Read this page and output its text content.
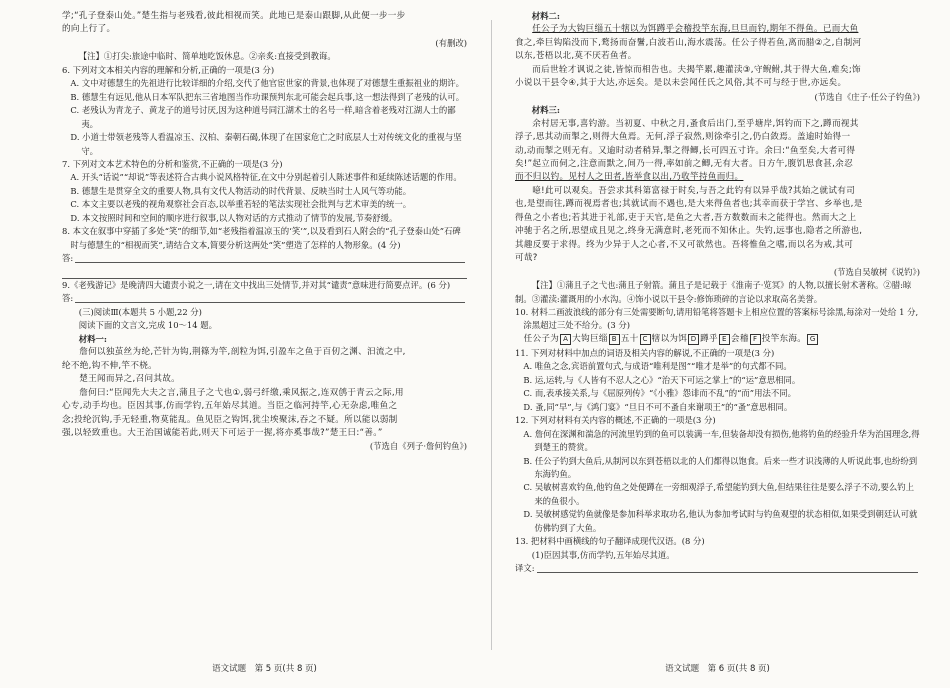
学;“孔子登泰山处。”楚生指与老残看,彼此相视而笑。此地已是泰山跟脚,从此便一步一步

的向上行了。

(有删改)

【注】①打尖:旅途中临时、简单地吃饭休息。②亲炙:直接受到教诲。

6. 下列对文本相关内容的理解和分析,正确的一项是(3 分)

A. 文中对德慧生的先祖进行比较详细的介绍,交代了他官宦世家的背景,也体现了对德慧生重振祖业的期许。

B. 德慧生有远见,他从日本军队把东三省地图当作功课预判东北可能会起兵事,这一想法得到了老残的认可。

C. 老残认为青龙子、黄龙子的道号讨厌,因为这种道号同江湖术士的名号一样,暗含着老残对江湖人士的鄙夷。

D. 小道士带领老残等人看温凉玉、汉柏、秦朝石碣,体现了在国家危亡之时底层人士对传统文化的重视与坚守。

7. 下列对文本艺术特色的分析和鉴赏,不正确的一项是(3 分)

A. 开头“话说”“却说”等表述符合古典小说风格特征,在文中分别起着引人陈述事件和延续陈述话题的作用。

B. 德慧生是贯穿全文的重要人物,具有文代人物活动的时代背景、反映当时士人风气等功能。

C. 本文主要以老残的视角观察社会百态,以举重若轻的笔法实现社会批判与艺术审美的统一。

D. 本文按照时间和空间的顺序进行叙事,以人物对话的方式推动了情节的发展,节奏舒缓。

8. 本文在叙事中穿插了多处“笑”的细节,如“老残指着温凉玉的‘笑’”,以及看到石人附会的“孔子登泰山处”石碑时与德慧生的“相视而笑”,请结合文本,简要分析这两处“笑”塑造了怎样的人物形象。(4 分)

答:

9.《老残游记》是晚清四大谴责小说之一,请在文中找出三处情节,并对其“谴责”意味进行简要点评。(6 分)

答:

(三)阅读Ⅲ(本题共 5 小题,22 分)

阅读下面的文言文,完成 10～14 题。

材料一:

詹何以独茧丝为纶,芒针为钩,荆篠为竿,剖粒为饵,引盈车之鱼于百仞之渊、汩流之中,

纶不绝,钩不伸,竿不桡。

楚王闻而异之,召问其故。

詹何曰:“臣闻先大夫之言,蒲且子之弋也①,弱弓纤缴,乘风振之,连双鸧于青云之际,用

心专,动手均也。臣因其事,仿而学钓,五年始尽其道。当臣之临河持竿,心无杂虑,唯鱼之

念;投纶沉钩,手无轻重,物莫能乱。鱼见臣之钩饵,犹尘埃聚沫,吞之不疑。所以能以弱制

强,以轻致重也。大王治国诚能若此,则天下可运于一握,将亦奚事哉?”楚王曰:“善。”

(节选自《列子·詹何钓鱼》)

语文试题　第 5 页(共 8 页)

材料二:

任公子为大钩巨缁五十犗以为饵蹲乎会稽投竿东海,旦旦而钓,期年不得鱼。已而大鱼

食之,牵巨钩陷没而下,鹜扬而奋鬐,白波若山,海水震荡。任公子得若鱼,离而腊②之,自制河

以东,苍梧以北,莫不厌若鱼者。

而后世辁才讽说之徒,皆惊而相告也。夫揭竿累,趣灌渎③,守鲵鲋,其于得大鱼,难矣;饰

小说以干县令④,其于大达,亦远矣。是以未尝闻任氏之风俗,其不可与经于世,亦远矣。

(节选自《庄子·任公子钓鱼》)

材料三:

余村居无事,喜钓游。当初夏、中秋之月,蚤食后出门,至乎塘岸,饵钓而下之,蹲而视其

浮子,思其动而掣之,则得大鱼焉。无何,浮子寂然,则徐牵引之,仍白敛焉。盖逾时始得一

动,动而掣之则无有。又逾时动者稍异,掣之得鲫,长可四五寸许。余曰:“鱼至矣,大者可得

矣!”起立而伺之,注意而默之,间乃一得,率如前之鲫,无有大者。日方午,腹饥思食甚,余忍

而不归以钓。见村人之田者,皆举食以出,乃收竿持鱼而归。

噫!此可以观矣。吾尝求其科第富禄于时矣,与吾之此钓有以异乎哉?其始之就试有司

也,是望而往,蹲而视焉者也;其就试而不遇也,是大来得鱼者也;其幸而获于学宫、乡举也,是

得鱼之小者也;若其进于礼部,吏于天官,是鱼之大者,吾方数数而未之能得也。然而大之上

冲驰于名之所,思望成且见之,终身无满意时,老死而不知休止。失钓,远事也,隐者之所游也,

其趣反要于求得。终为少异于人之心者,不又可欲然也。吾将惟鱼之嗜,而以名为戒,其可

可哉?

(节选自吴敏树《说钓》)

【注】①蒲且子之弋也:蒲且子射箭。蒲且子是记载于《淮南子·览冥》的人物,以擅长射术著称。②腊:晾制。③灌渎:灌溉用的小水沟。④饰小说以干县令:修饰琐碎的言论以求取高名美誉。

10. 材料二画波浪线的部分有三处需要断句,请用铅笔将答题卡上相应位置的答案标号涂黑,每涂对一处给 1 分,涂黑超过三处不给分。(3 分)

任公子为 A 大钩巨缁 B 五十 C 犗以为饵 D 蹲乎 E 会稽 F 投竿东海。 G

11. 下列对材料中加点的词语及相关内容的解说,不正确的一项是(3 分)

A. 唯鱼之念,宾语前置句式,与成语“唯利是图”“唯才是举”的句式都不同。

B. 运,运转,与《人皆有不忍人之心》“治天下可运之掌上”的“运”意思相同。

C. 而,表承接关系,与《屈原列传》“《小雅》怨诽而不乱”的“而”用法不同。

D. 蚤,同“早”,与《鸿门宴》“旦日不可不蚤自来谢项王”的“蚤”意思相同。

12. 下列对材料有关内容的概述,不正确的一项是(3 分)

A. 詹何在深渊和湍急的河流里钓到的鱼可以装满一车,但装备却没有损伤,他将钓鱼的经验升华为治国理念,得到楚王的赞赏。

B. 任公子钓到大鱼后,从制河以东到苍梧以北的人们都得以饱食。后来一些才识浅薄的人听说此事,也纷纷到东海钓鱼。

C. 吴敏树喜欢钓鱼,他钓鱼之处便蹲在一旁细观浮子,希望能钓到大鱼,但结果往往是要么浮子不动,要么钓上来的鱼很小。

D. 吴敏树感觉钓鱼就像是参加科举求取功名,他认为参加考试时与钓鱼观望的状态相似,如果受到朝廷认可就仿佛钓到了大鱼。

13. 把材料中画横线的句子翻译成现代汉语。(8 分)

(1)臣因其事,仿而学钓,五年始尽其道。

译文:
语文试题　第 6 页(共 8 页)
